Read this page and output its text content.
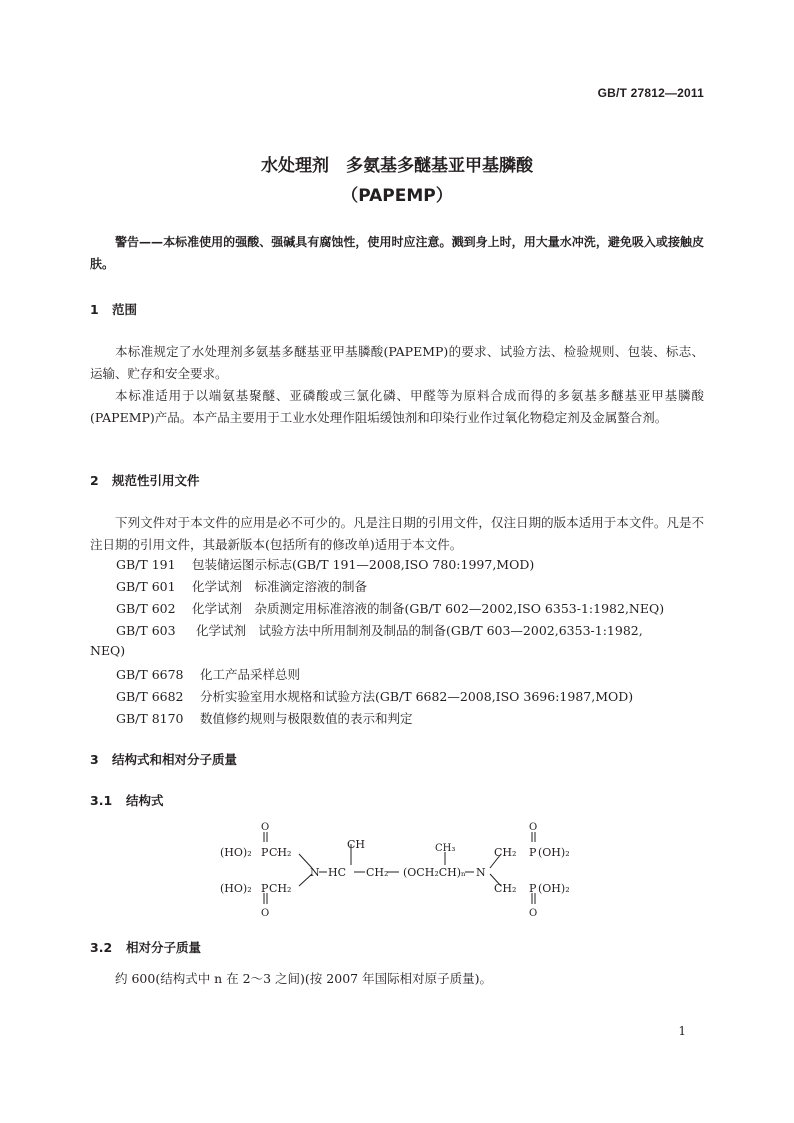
GB/T 27812—2011
水处理剂　多氨基多醚基亚甲基膦酸
（PAPEMP）
警告——本标准使用的强酸、强碱具有腐蚀性，使用时应注意。溅到身上时，用大量水冲洗，避免吸入或接触皮肤。
1 范围
本标准规定了水处理剂多氨基多醚基亚甲基膦酸(PAPEMP)的要求、试验方法、检验规则、包装、标志、运输、贮存和安全要求。
本标准适用于以端氨基聚醚、亚磷酸或三氯化磷、甲醛等为原料合成而得的多氨基多醚基亚甲基膦酸(PAPEMP)产品。本产品主要用于工业水处理作阻垢缓蚀剂和印染行业作过氧化物稳定剂及金属螯合剂。
2 规范性引用文件
下列文件对于本文件的应用是必不可少的。凡是注日期的引用文件，仅注日期的版本适用于本文件。凡是不注日期的引用文件，其最新版本(包括所有的修改单)适用于本文件。
GB/T 191 包装储运图示标志(GB/T 191—2008,ISO 780:1997,MOD)
GB/T 601 化学试剂　标准滴定溶液的制备
GB/T 602 化学试剂　杂质测定用标准溶液的制备(GB/T 602—2002,ISO 6353-1:1982,NEQ)
GB/T 603 化学试剂　试验方法中所用制剂及制品的制备(GB/T 603—2002,6353-1:1982,
NEQ)
GB/T 6678 化工产品采样总则
GB/T 6682 分析实验室用水规格和试验方法(GB/T 6682—2008,ISO 3696:1987,MOD)
GB/T 8170 数值修约规则与极限数值的表示和判定
3 结构式和相对分子质量
3.1 结构式
O	O
CH	CH₃
(HO)₂ P CH₂	CH₂ P (OH)₂
N HC CH₂ (OCH₂CH)ₙ N
(HO)₂ P CH₂	CH₂ P (OH)₂
O	O
3.2 相对分子质量
约 600(结构式中 n 在 2～3 之间)(按 2007 年国际相对原子质量)。
1
